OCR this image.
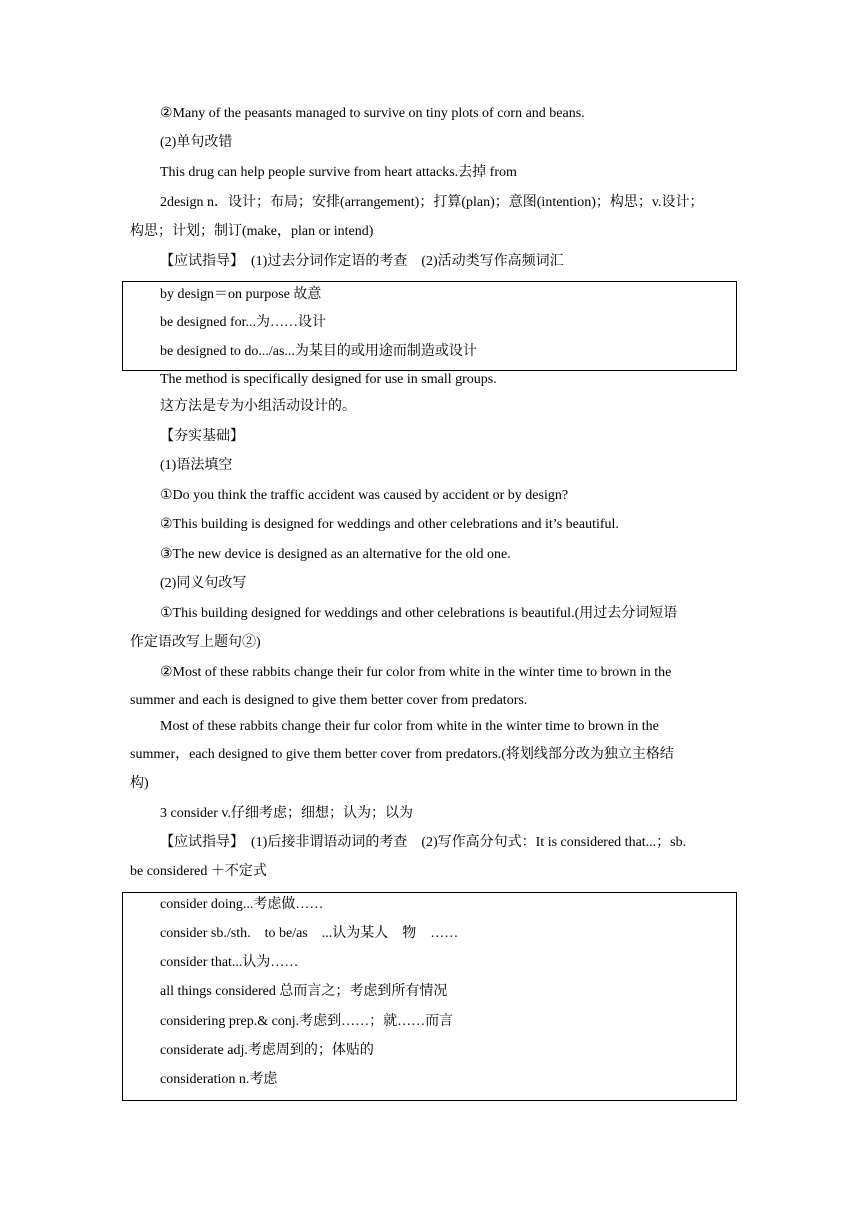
②Many of the peasants managed to survive on tiny plots of corn and beans.
(2)单句改错
This drug can help people survive from heart attacks.去掉 from
2design n．设计；布局；安排(arrangement)；打算(plan)；意图(intention)；构思；v.设计；
构思；计划；制订(make，plan or intend)
【应试指导】　(1)过去分词作定语的考查　(2)活动类写作高频词汇
by design＝on purpose 故意
be designed for...为……设计
be designed to do.../as...为某目的或用途而制造或设计
The method is specifically designed for use in small groups.
这方法是专为小组活动设计的。
【夯实基础】
(1)语法填空
①Do you think the traffic accident was caused by accident or by design?
②This building is designed for weddings and other celebrations and it’s beautiful.
③The new device is designed as an alternative for the old one.
(2)同义句改写
①This building designed for weddings and other celebrations is beautiful.(用过去分词短语
作定语改写上题句②)
②Most of these rabbits change their fur color from white in the winter time to brown in the
summer and each is designed to give them better cover from predators.
Most of these rabbits change their fur color from white in the winter time to brown in the
summer，each designed to give them better cover from predators.(将划线部分改为独立主格结
构)
3 consider v.仔细考虑；细想；认为；以为
【应试指导】　(1)后接非谓语动词的考查　(2)写作高分句式：It is considered that...；sb.
be considered ＋不定式
consider doing...考虑做……
consider sb./sth.　to be/as　...认为某人　物　……
consider that...认为……
all things considered 总而言之；考虑到所有情况
considering prep.& conj.考虑到……；就……而言
considerate adj.考虑周到的；体贴的
consideration n.考虑
